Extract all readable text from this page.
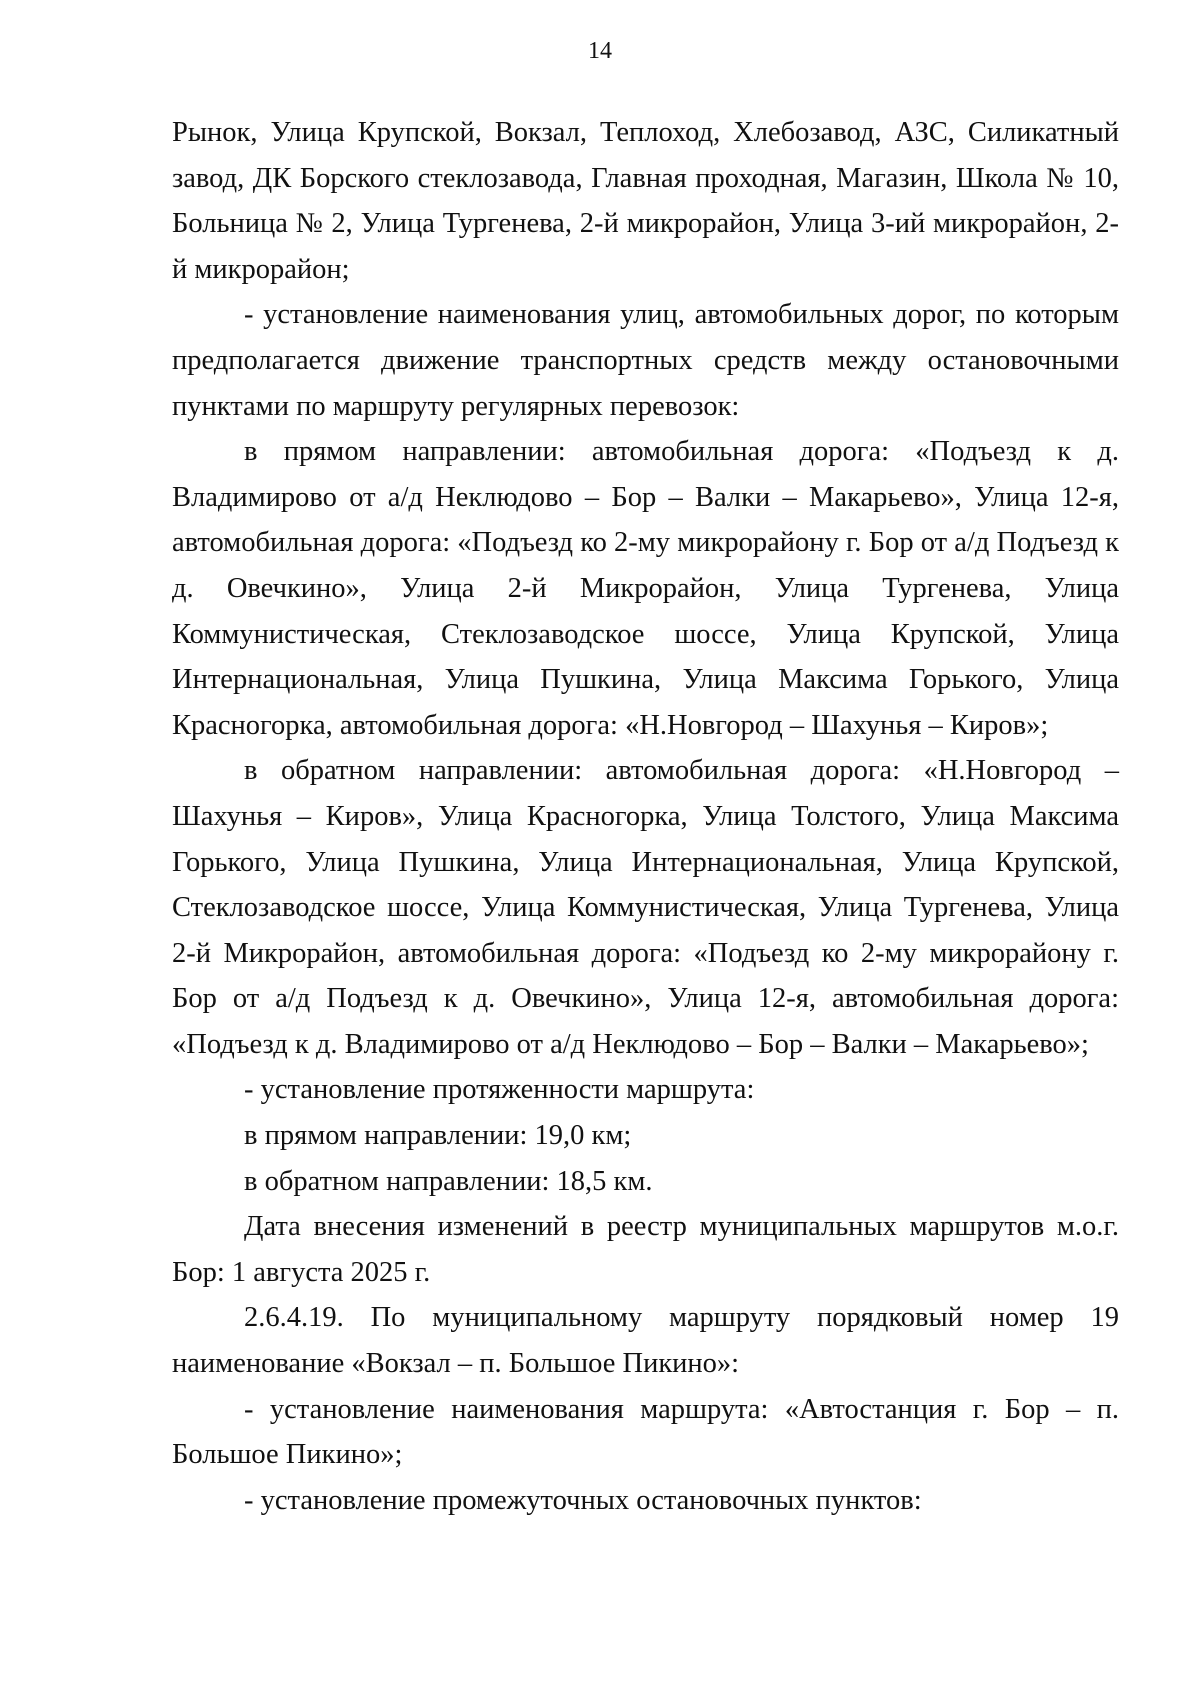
14

Рынок, Улица Крупской, Вокзал, Теплоход, Хлебозавод, АЗС, Силикатный завод, ДК Борского стеклозавода, Главная проходная, Магазин, Школа № 10, Больница № 2, Улица Тургенева, 2-й микрорайон, Улица 3-ий микрорайон, 2-й микрорайон;

- установление наименования улиц, автомобильных дорог, по которым предполагается движение транспортных средств между остановочными пунктами по маршруту регулярных перевозок:

в прямом направлении: автомобильная дорога: «Подъезд к д. Владимирово от а/д Неклюдово – Бор – Валки – Макарьево», Улица 12-я, автомобильная дорога: «Подъезд ко 2-му микрорайону г. Бор от а/д Подъезд к д. Овечкино», Улица 2-й Микрорайон, Улица Тургенева, Улица Коммунистическая, Стеклозаводское шоссе, Улица Крупской, Улица Интернациональная, Улица Пушкина, Улица Максима Горького, Улица Красногорка, автомобильная дорога: «Н.Новгород – Шахунья – Киров»;

в обратном направлении: автомобильная дорога: «Н.Новгород – Шахунья – Киров», Улица Красногорка, Улица Толстого, Улица Максима Горького, Улица Пушкина, Улица Интернациональная, Улица Крупской, Стеклозаводское шоссе, Улица Коммунистическая, Улица Тургенева, Улица 2-й Микрорайон, автомобильная дорога: «Подъезд ко 2-му микрорайону г. Бор от а/д Подъезд к д. Овечкино», Улица 12-я, автомобильная дорога: «Подъезд к д. Владимирово от а/д Неклюдово – Бор – Валки – Макарьево»;

- установление протяженности маршрута:

в прямом направлении: 19,0 км;

в обратном направлении: 18,5 км.

Дата внесения изменений в реестр муниципальных маршрутов м.о.г. Бор: 1 августа 2025 г.

2.6.4.19. По муниципальному маршруту порядковый номер 19 наименование «Вокзал – п. Большое Пикино»:

- установление наименования маршрута: «Автостанция г. Бор – п. Большое Пикино»;

- установление промежуточных остановочных пунктов:
